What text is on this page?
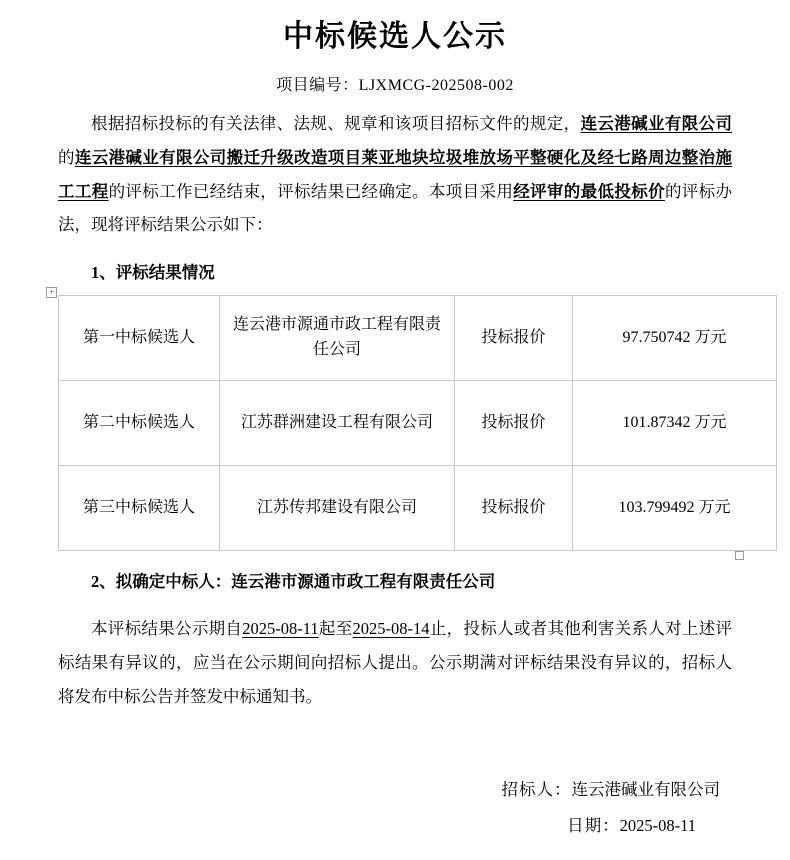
中标候选人公示

项目编号：LJXMCG-202508-002

根据招标投标的有关法律、法规、规章和该项目招标文件的规定，连云港碱业有限公司的连云港碱业有限公司搬迁升级改造项目莱亚地块垃圾堆放场平整硬化及经七路周边整治施工工程的评标工作已经结束，评标结果已经确定。本项目采用经评审的最低投标价的评标办法，现将评标结果公示如下：

1、评标结果情况

+
第一中标候选人	连云港市源通市政工程有限责任公司	投标报价	97.750742 万元
第二中标候选人	江苏群洲建设工程有限公司	投标报价	101.87342 万元
第三中标候选人	江苏传邦建设有限公司	投标报价	103.799492 万元

2、拟确定中标人：连云港市源通市政工程有限责任公司

本评标结果公示期自2025-08-11起至2025-08-14止，投标人或者其他利害关系人对上述评标结果有异议的，应当在公示期间向招标人提出。公示期满对评标结果没有异议的，招标人将发布中标公告并签发中标通知书。

招标人：连云港碱业有限公司
日期：2025-08-11
